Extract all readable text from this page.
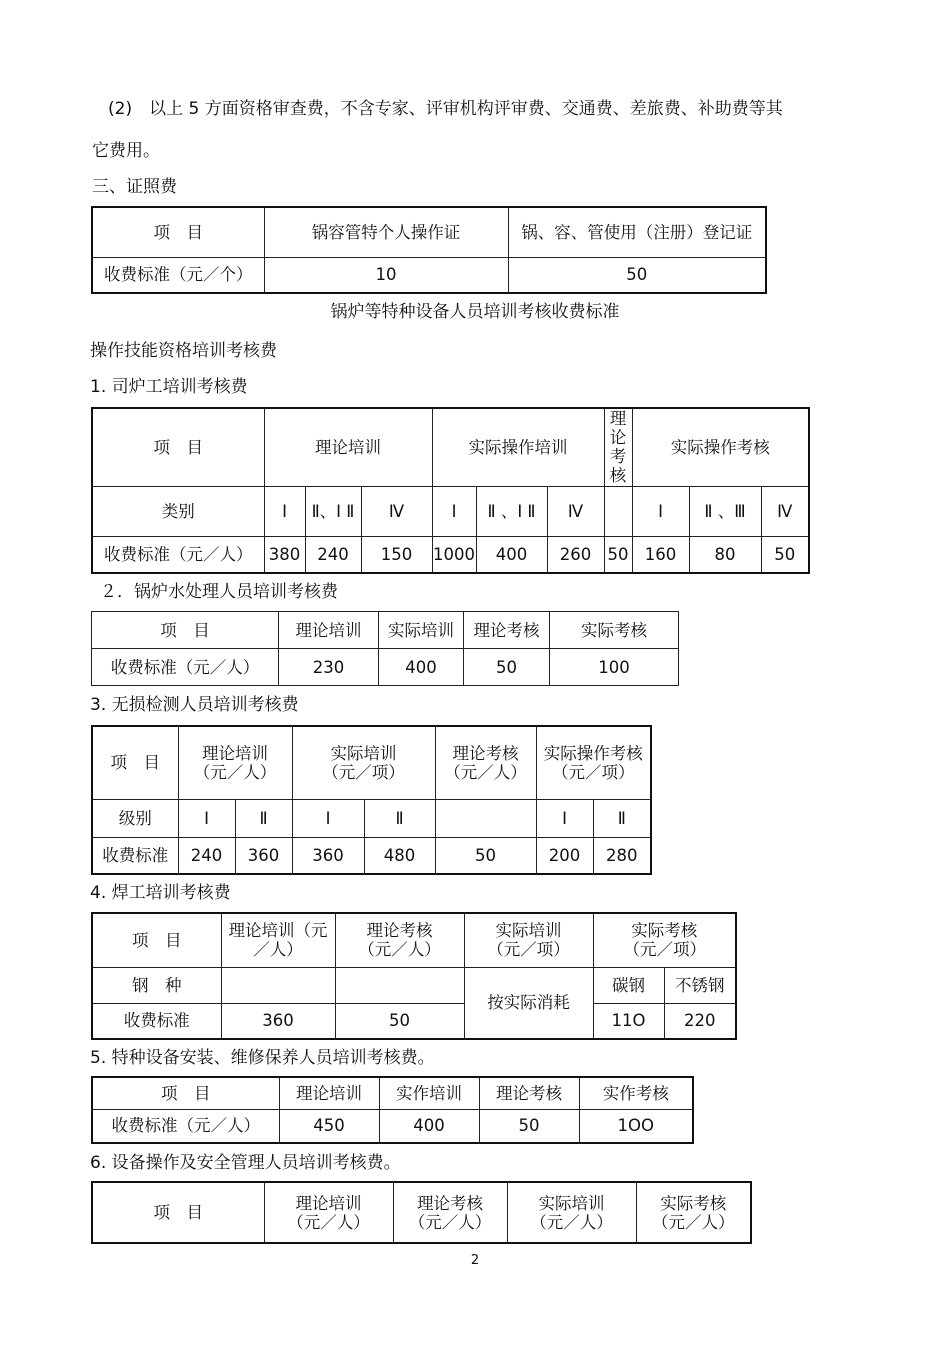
(2)　以上 5 方面资格审查费，不含专家、评审机构评审费、交通费、差旅费、补助费等其
它费用。
三、证照费
项　目	锅容管特个人操作证	锅、容、管使用（注册）登记证
收费标准（元／个）	10	50
锅炉等特种设备人员培训考核收费标准
操作技能资格培训考核费
1. 司炉工培训考核费
项　目	理论培训			实际操作培训			理论考核	实际操作考核		
类别	Ⅰ	Ⅱ、Ⅰ Ⅱ	Ⅳ	Ⅰ	Ⅱ 、Ⅰ Ⅱ	Ⅳ		Ⅰ	Ⅱ 、Ⅲ	Ⅳ
收费标准（元／人）	380	240	150	1000	400	260	50	160	80	50
２．锅炉水处理人员培训考核费
项　目	理论培训	实际培训	理论考核	实际考核
收费标准（元／人）	230	400	50	100
3. 无损检测人员培训考核费
项　目	理论培训（元／人）		实际培训（元／项）		理论考核（元／人）	实际操作考核（元／项）	
级别	Ⅰ	Ⅱ	Ⅰ	Ⅱ		Ⅰ	Ⅱ
收费标准	240	360	360	480	50	200	280
4. 焊工培训考核费
项　目	理论培训（元／人）	理论考核（元／人）	实际培训（元／项）	实际考核（元／项）	
钢　种			按实际消耗	碳钢	不锈钢
收费标准	360	50		11O	220
5. 特种设备安装、维修保养人员培训考核费。
项　目	理论培训	实作培训	理论考核	实作考核
收费标准（元／人）	450	400	50	1OO
6. 设备操作及安全管理人员培训考核费。
项　目	理论培训（元／人）	理论考核（元／人）	实际培训（元／人）	实际考核（元／人）
2
